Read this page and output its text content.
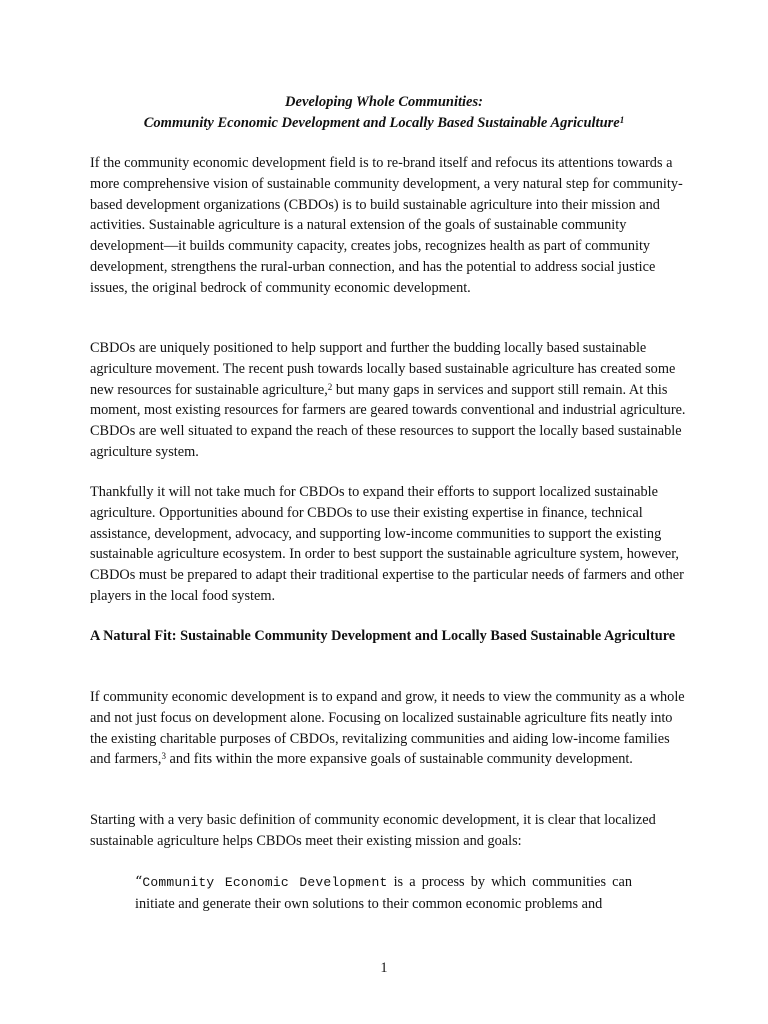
Developing Whole Communities:
Community Economic Development and Locally Based Sustainable Agriculture$^1$

If the community economic development field is to re-brand itself and refocus its attentions towards a more comprehensive vision of sustainable community development, a very natural step for community-based development organizations (CBDOs) is to build sustainable agriculture into their mission and activities. Sustainable agriculture is a natural extension of the goals of sustainable community development—it builds community capacity, creates jobs, recognizes health as part of community development, strengthens the rural-urban connection, and has the potential to address social justice issues, the original bedrock of community economic development.

CBDOs are uniquely positioned to help support and further the budding locally based sustainable agriculture movement. The recent push towards locally based sustainable agriculture has created some new resources for sustainable agriculture,$^2$ but many gaps in services and support still remain. At this moment, most existing resources for farmers are geared towards conventional and industrial agriculture. CBDOs are well situated to expand the reach of these resources to support the locally based sustainable agriculture system.

Thankfully it will not take much for CBDOs to expand their efforts to support localized sustainable agriculture. Opportunities abound for CBDOs to use their existing expertise in finance, technical assistance, development, advocacy, and supporting low-income communities to support the existing sustainable agriculture ecosystem. In order to best support the sustainable agriculture system, however, CBDOs must be prepared to adapt their traditional expertise to the particular needs of farmers and other players in the local food system.

A Natural Fit: Sustainable Community Development and Locally Based Sustainable Agriculture

If community economic development is to expand and grow, it needs to view the community as a whole and not just focus on development alone. Focusing on localized sustainable agriculture fits neatly into the existing charitable purposes of CBDOs, revitalizing communities and aiding low-income families and farmers,$^3$ and fits within the more expansive goals of sustainable community development.

Starting with a very basic definition of community economic development, it is clear that localized sustainable agriculture helps CBDOs meet their existing mission and goals:

“Community Economic Development is a process by which communities can initiate and generate their own solutions to their common economic problems and

1
